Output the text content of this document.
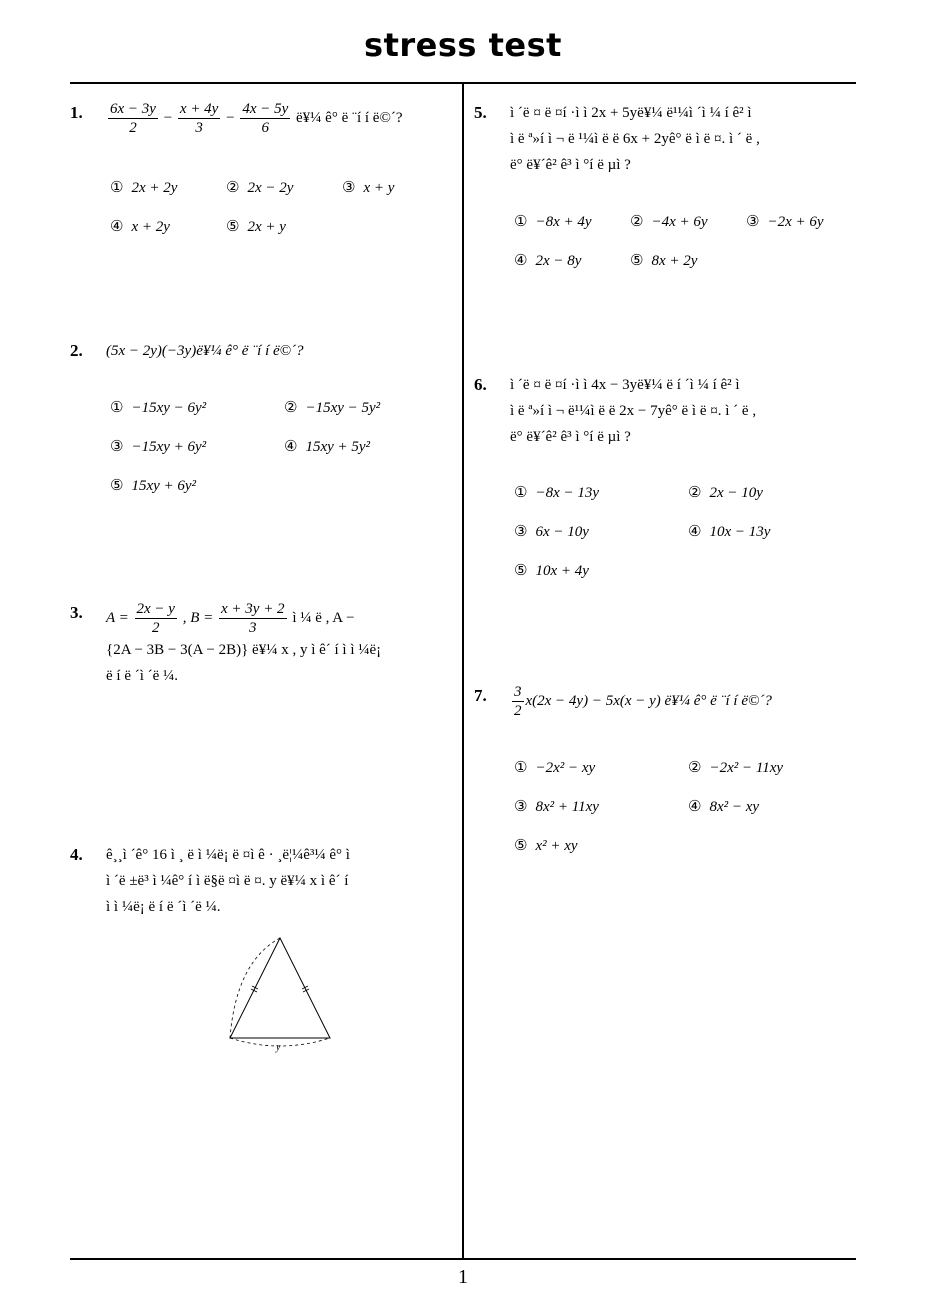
stress test
1. $\frac{6x - 3y}{2} - \frac{x + 4y}{3} - \frac{4x - 5y}{6}$ ë¥¼ ê° ë ¨í í ë©´?
① 2x + 2y	② 2x − 2y	③ x + y
④ x + 2y	⑤ 2x + y
2. (5x − 2y)(−3y)ë¥¼ ê° ë ¨í í ë©´?
① −15xy − 6y²	② −15xy − 5y²
③ −15xy + 6y²	④ 15xy + 5y²
⑤ 15xy + 6y²
3. $A = \frac{2x - y}{2}$ , $B = \frac{x + 3y + 2}{3}$ ì ¼ ë , A −
{2A − 3B − 3(A − 2B)} ë¥¼ x , y ì ê´ í ì ì ¼ë¡
ë í ë ´ì ´ë ¼.
4. ê¸¸ì ´ê° 16 ì ¸ ë ì ¼ë¡ ë ¤ì ê · ¸ë¦¼ê³¼ ê° ì
ì ´ë ±ë³ ì ¼ê° í ì ë§ë ¤ì ë ¤. y ë¥¼ x ì ê´ í
ì ì ¼ë¡ ë í ë ´ì ´ë ¼.
y
5. ì ´ë ¤ ë ¤í ·ì ì 2x + 5yë¥¼ ë¹¼ì ´ì ¼ í ê² ì
ì ë ª»í ì ¬ ë ¹¼ì ë ë 6x + 2yê° ë ì ë ¤. ì ´ ë ,
ë° ë¥´ê² ê³ ì °í ë µì ?
① −8x + 4y	② −4x + 6y	③ −2x + 6y
④ 2x − 8y	⑤ 8x + 2y
6. ì ´ë ¤ ë ¤í ·ì ì 4x − 3yë¥¼ ë í ´ì ¼ í ê² ì
ì ë ª»í ì ¬ ë¹¼ì ë ë 2x − 7yê° ë ì ë ¤. ì ´ ë ,
ë° ë¥´ê² ê³ ì °í ë µì ?
① −8x − 13y	② 2x − 10y
③ 6x − 10y	④ 10x − 13y
⑤ 10x + 4y
7. $\frac{3}{2} x(2x - 4y) - 5x(x - y)$ ë¥¼ ê° ë ¨í í ë©´?
① −2x² − xy	② −2x² − 11xy
③ 8x² + 11xy	④ 8x² − xy
⑤ x² + xy
1
